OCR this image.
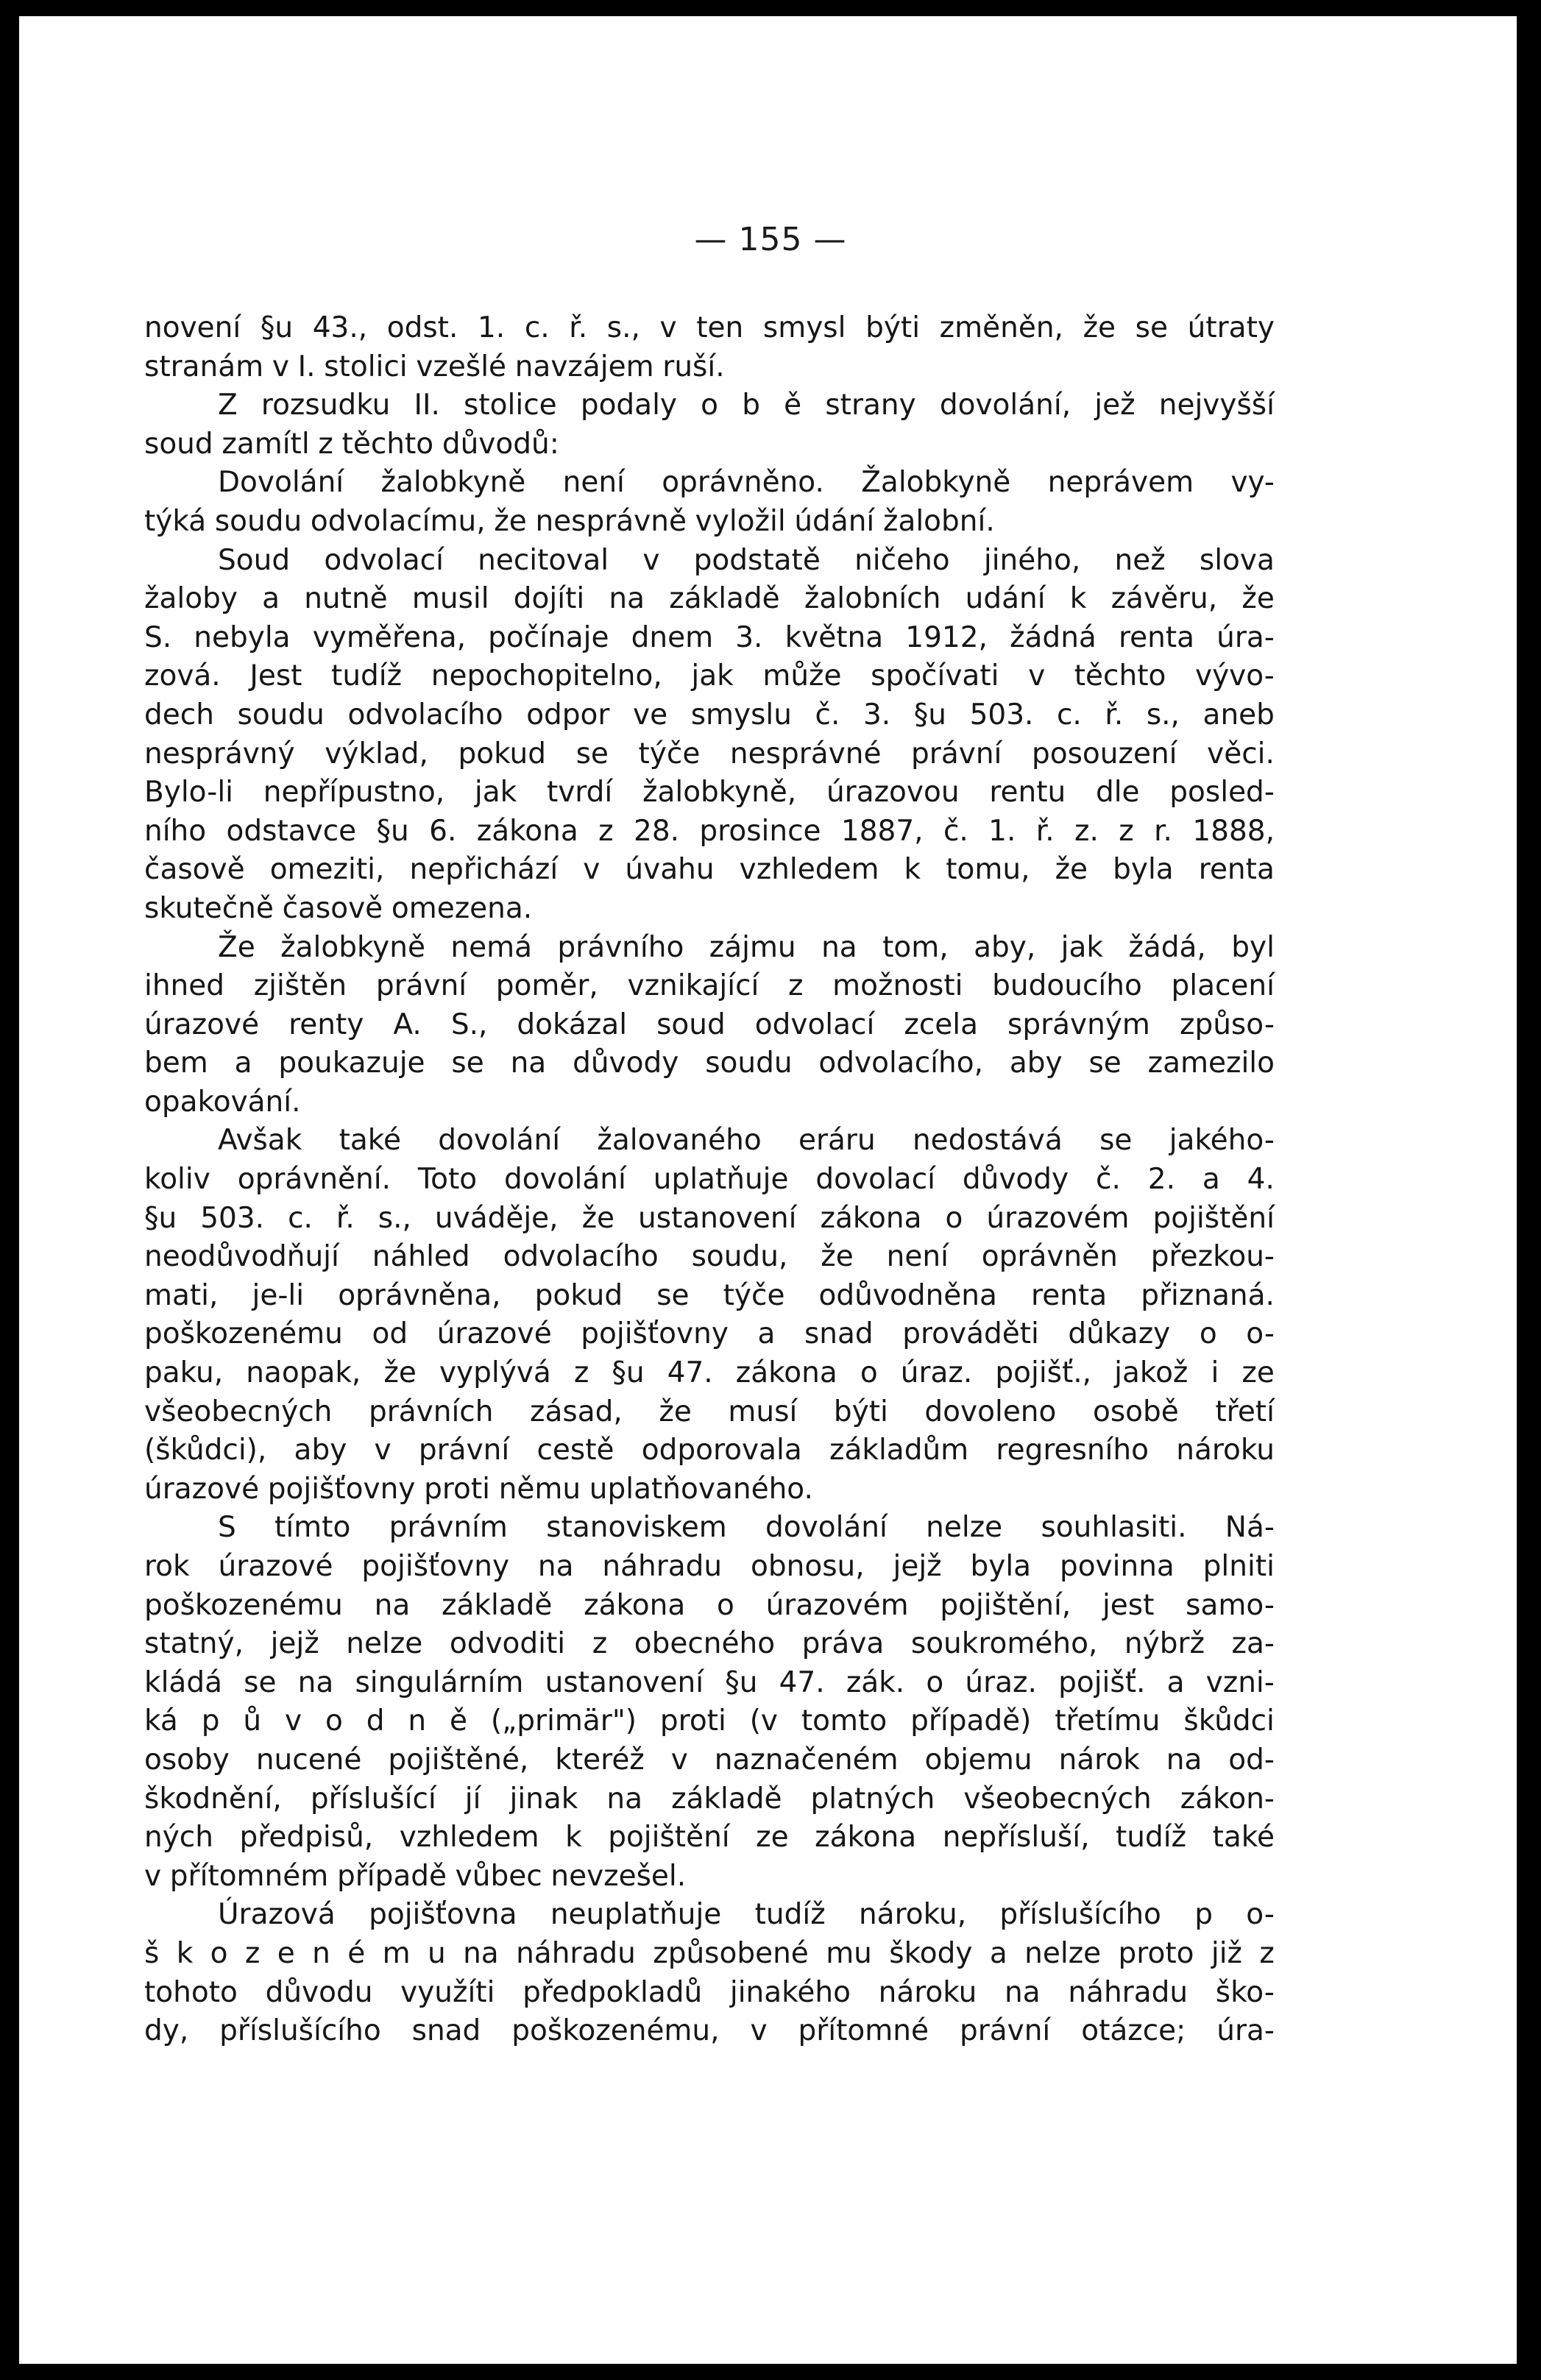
— 155 —
novení §u 43., odst. 1. c. ř. s., v ten smysl býti změněn, že se útraty
stranám v I. stolici vzešlé navzájem ruší.
Z rozsudku II. stolice podaly o b ě strany dovolání, jež nejvyšší
soud zamítl z těchto důvodů:
Dovolání žalobkyně není oprávněno. Žalobkyně neprávem vy-
týká soudu odvolacímu, že nesprávně vyložil údání žalobní.
Soud odvolací necitoval v podstatě ničeho jiného, než slova
žaloby a nutně musil dojíti na základě žalobních udání k závěru, že
S. nebyla vyměřena, počínaje dnem 3. května 1912, žádná renta úra-
zová. Jest tudíž nepochopitelno, jak může spočívati v těchto vývo-
dech soudu odvolacího odpor ve smyslu č. 3. §u 503. c. ř. s., aneb
nesprávný výklad, pokud se týče nesprávné právní posouzení věci.
Bylo-li nepřípustno, jak tvrdí žalobkyně, úrazovou rentu dle posled-
ního odstavce §u 6. zákona z 28. prosince 1887, č. 1. ř. z. z r. 1888,
časově omeziti, nepřichází v úvahu vzhledem k tomu, že byla renta
skutečně časově omezena.
Že žalobkyně nemá právního zájmu na tom, aby, jak žádá, byl
ihned zjištěn právní poměr, vznikající z možnosti budoucího placení
úrazové renty A. S., dokázal soud odvolací zcela správným způso-
bem a poukazuje se na důvody soudu odvolacího, aby se zamezilo
opakování.
Avšak také dovolání žalovaného eráru nedostává se jakého-
koliv oprávnění. Toto dovolání uplatňuje dovolací důvody č. 2. a 4.
§u 503. c. ř. s., uváděje, že ustanovení zákona o úrazovém pojištění
neodůvodňují náhled odvolacího soudu, že není oprávněn přezkou-
mati, je-li oprávněna, pokud se týče odůvodněna renta přiznaná.
poškozenému od úrazové pojišťovny a snad prováděti důkazy o o-
paku, naopak, že vyplývá z §u 47. zákona o úraz. pojišť., jakož i ze
všeobecných právních zásad, že musí býti dovoleno osobě třetí
(škůdci), aby v právní cestě odporovala základům regresního nároku
úrazové pojišťovny proti němu uplatňovaného.
S tímto právním stanoviskem dovolání nelze souhlasiti. Ná-
rok úrazové pojišťovny na náhradu obnosu, jejž byla povinna plniti
poškozenému na základě zákona o úrazovém pojištění, jest samo-
statný, jejž nelze odvoditi z obecného práva soukromého, nýbrž za-
kládá se na singulárním ustanovení §u 47. zák. o úraz. pojišť. a vzni-
ká p ů v o d n ě („primär") proti (v tomto případě) třetímu škůdci
osoby nucené pojištěné, kteréž v naznačeném objemu nárok na od-
škodnění, příslušící jí jinak na základě platných všeobecných zákon-
ných předpisů, vzhledem k pojištění ze zákona nepřísluší, tudíž také
v přítomném případě vůbec nevzešel.
Úrazová pojišťovna neuplatňuje tudíž nároku, příslušícího p o-
š k o z e n é m u na náhradu způsobené mu škody a nelze proto již z
tohoto důvodu využíti předpokladů jinakého nároku na náhradu ško-
dy, příslušícího snad poškozenému, v přítomné právní otázce; úra-
